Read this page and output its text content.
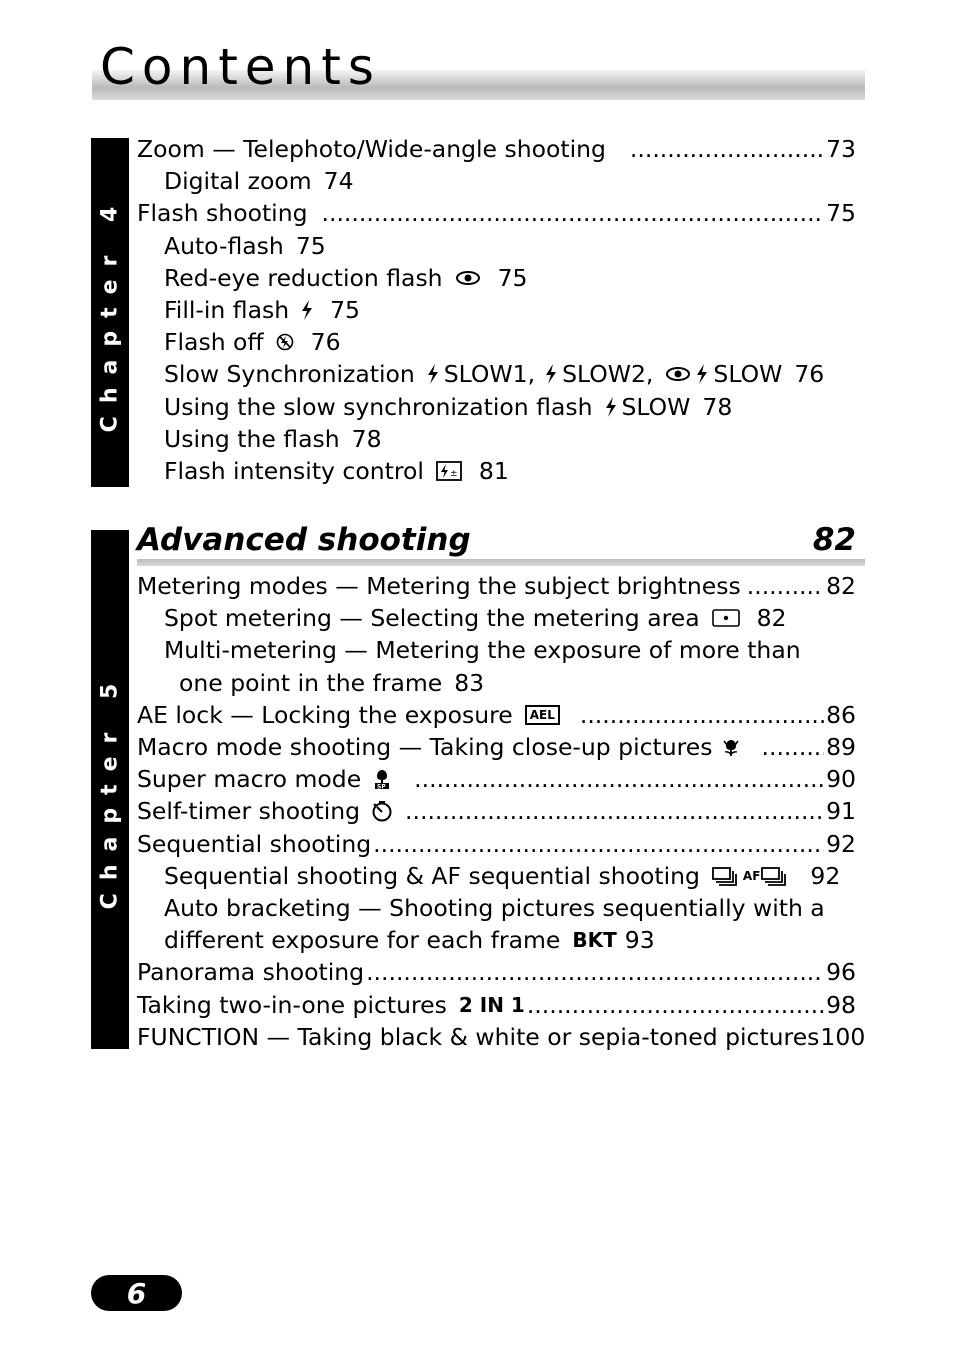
Contents
Chapter 4
Zoom — Telephoto/Wide-angle shooting .....	73
Digital zoom 74
Flash shooting .....	75
Auto-flash 75
Red-eye reduction flash 75
Fill-in flash 75
Flash off 76
Slow Synchronization SLOW1, SLOW2,	SLOW 76
Using the slow synchronization flash SLOW 78
Using the flash 78
Flash intensity control	± 81
Chapter 5
Advanced shooting	82
Metering modes — Metering the subject brightness .....	82
Spot metering — Selecting the metering area 82
Multi-metering — Metering the exposure of more than
one point in the frame 83
AE lock — Locking the exposure	AEL .....	86
Macro mode shooting — Taking close-up pictures .....	89
Super macro mode	SP .....	90
Self-timer shooting .....	91
Sequential shooting .....	92
Sequential shooting & AF sequential shooting	AF 92
Auto bracketing — Shooting pictures sequentially with a
different exposure for each frame BKT 93
Panorama shooting .....	96
Taking two-in-one pictures 2 IN 1 .....	98
FUNCTION — Taking black & white or sepia-toned pictures 100
6
